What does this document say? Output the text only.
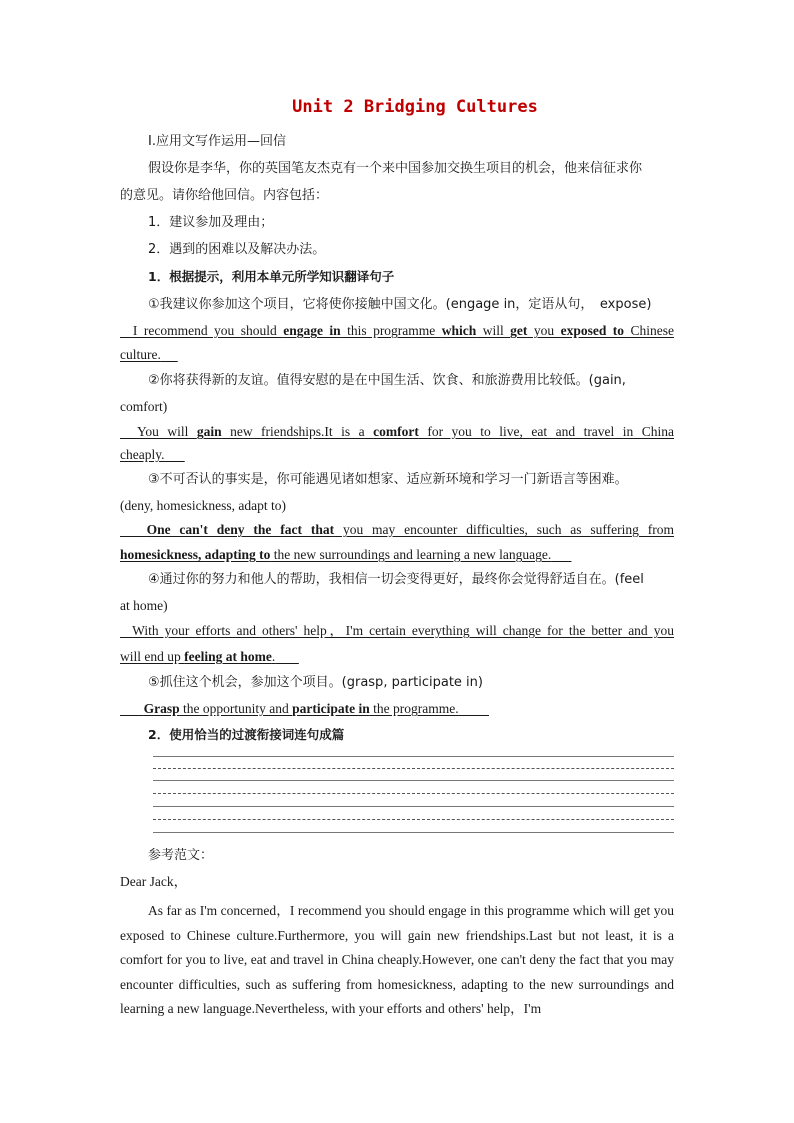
Unit 2 Bridging Cultures
Ⅰ.应用文写作运用—回信
假设你是李华，你的英国笔友杰克有一个来中国参加交换生项目的机会，他来信征求你
的意见。请你给他回信。内容包括：
1．建议参加及理由；
2．遇到的困难以及解决办法。
1．根据提示，利用本单元所学知识翻译句子
①我建议你参加这个项目，它将使你接触中国文化。(engage in，定语从句，　expose)
I recommend you should engage in this programme which will get you exposed to Chinese
culture.
②你将获得新的友谊。值得安慰的是在中国生活、饮食、和旅游费用比较低。(gain,
comfort)
You will gain new friendships.It is a comfort for you to live, eat and travel in China
cheaply.
③不可否认的事实是，你可能遇见诸如想家、适应新环境和学习一门新语言等困难。
(deny, homesickness, adapt to)
One can't deny the fact that you may encounter difficulties, such as suffering from
homesickness, adapting to the new surroundings and learning a new language.
④通过你的努力和他人的帮助，我相信一切会变得更好，最终你会觉得舒适自在。(feel
at home)
With your efforts and others' help，I'm certain everything will change for the better and you
will end up feeling at home.
⑤抓住这个机会，参加这个项目。(grasp, participate in)
Grasp the opportunity and participate in the programme.
2．使用恰当的过渡衔接词连句成篇
参考范文：
Dear Jack，
As far as I'm concerned，I recommend you should engage in this programme which will get you exposed to Chinese culture.Furthermore, you will gain new friendships.Last but not least, it is a comfort for you to live, eat and travel in China cheaply.However, one can't deny the fact that you may encounter difficulties, such as suffering from homesickness, adapting to the new surroundings and learning a new language.Nevertheless, with your efforts and others' help，I'm
